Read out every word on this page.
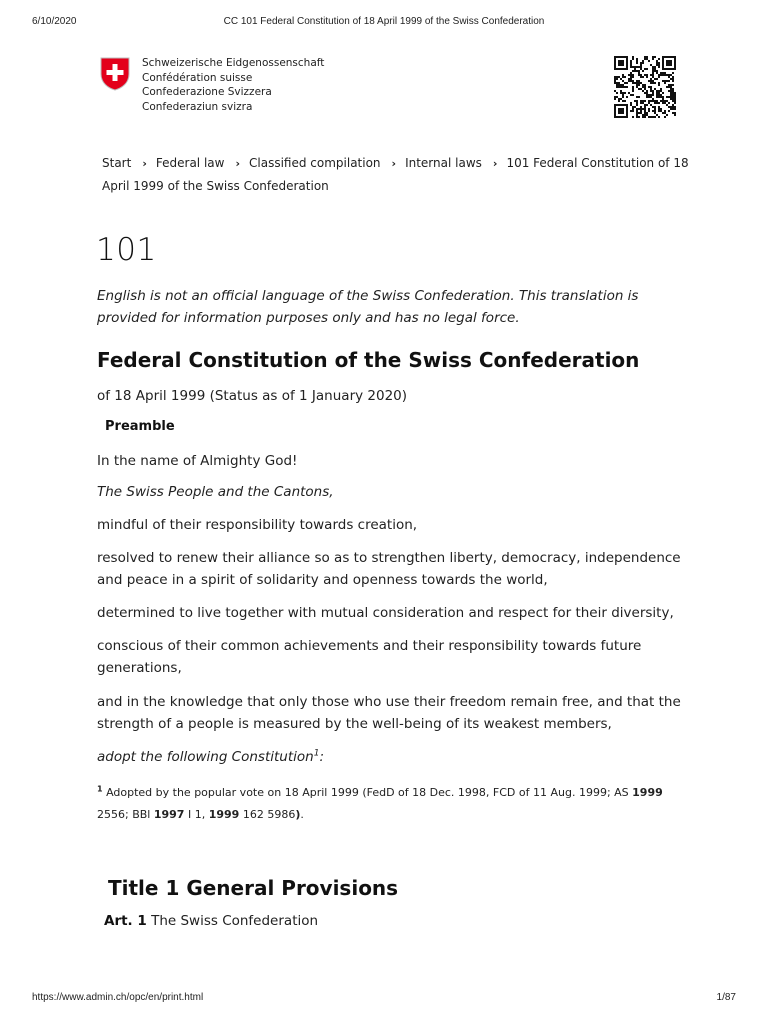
6/10/2020	CC 101 Federal Constitution of 18 April 1999 of the Swiss Confederation
Schweizerische Eidgenossenschaft
Confédération suisse
Confederazione Svizzera
Confederaziun svizra
Start › Federal law › Classified compilation › Internal laws › 101 Federal Constitution of 18 April 1999 of the Swiss Confederation
101
English is not an official language of the Swiss Confederation. This translation is provided for information purposes only and has no legal force.
Federal Constitution of the Swiss Confederation
of 18 April 1999 (Status as of 1 January 2020)
Preamble
In the name of Almighty God!
The Swiss People and the Cantons,
mindful of their responsibility towards creation,
resolved to renew their alliance so as to strengthen liberty, democracy, independence and peace in a spirit of solidarity and openness towards the world,
determined to live together with mutual consideration and respect for their diversity,
conscious of their common achievements and their responsibility towards future generations,
and in the knowledge that only those who use their freedom remain free, and that the strength of a people is measured by the well-being of its weakest members,
adopt the following Constitution$^1$:
$^1$ Adopted by the popular vote on 18 April 1999 (FedD of 18 Dec. 1998, FCD of 11 Aug. 1999; AS 1999 2556; BBl 1997 I 1, 1999 162 5986).
Title 1 General Provisions
Art. 1 The Swiss Confederation
https://www.admin.ch/opc/en/print.html	1/87
